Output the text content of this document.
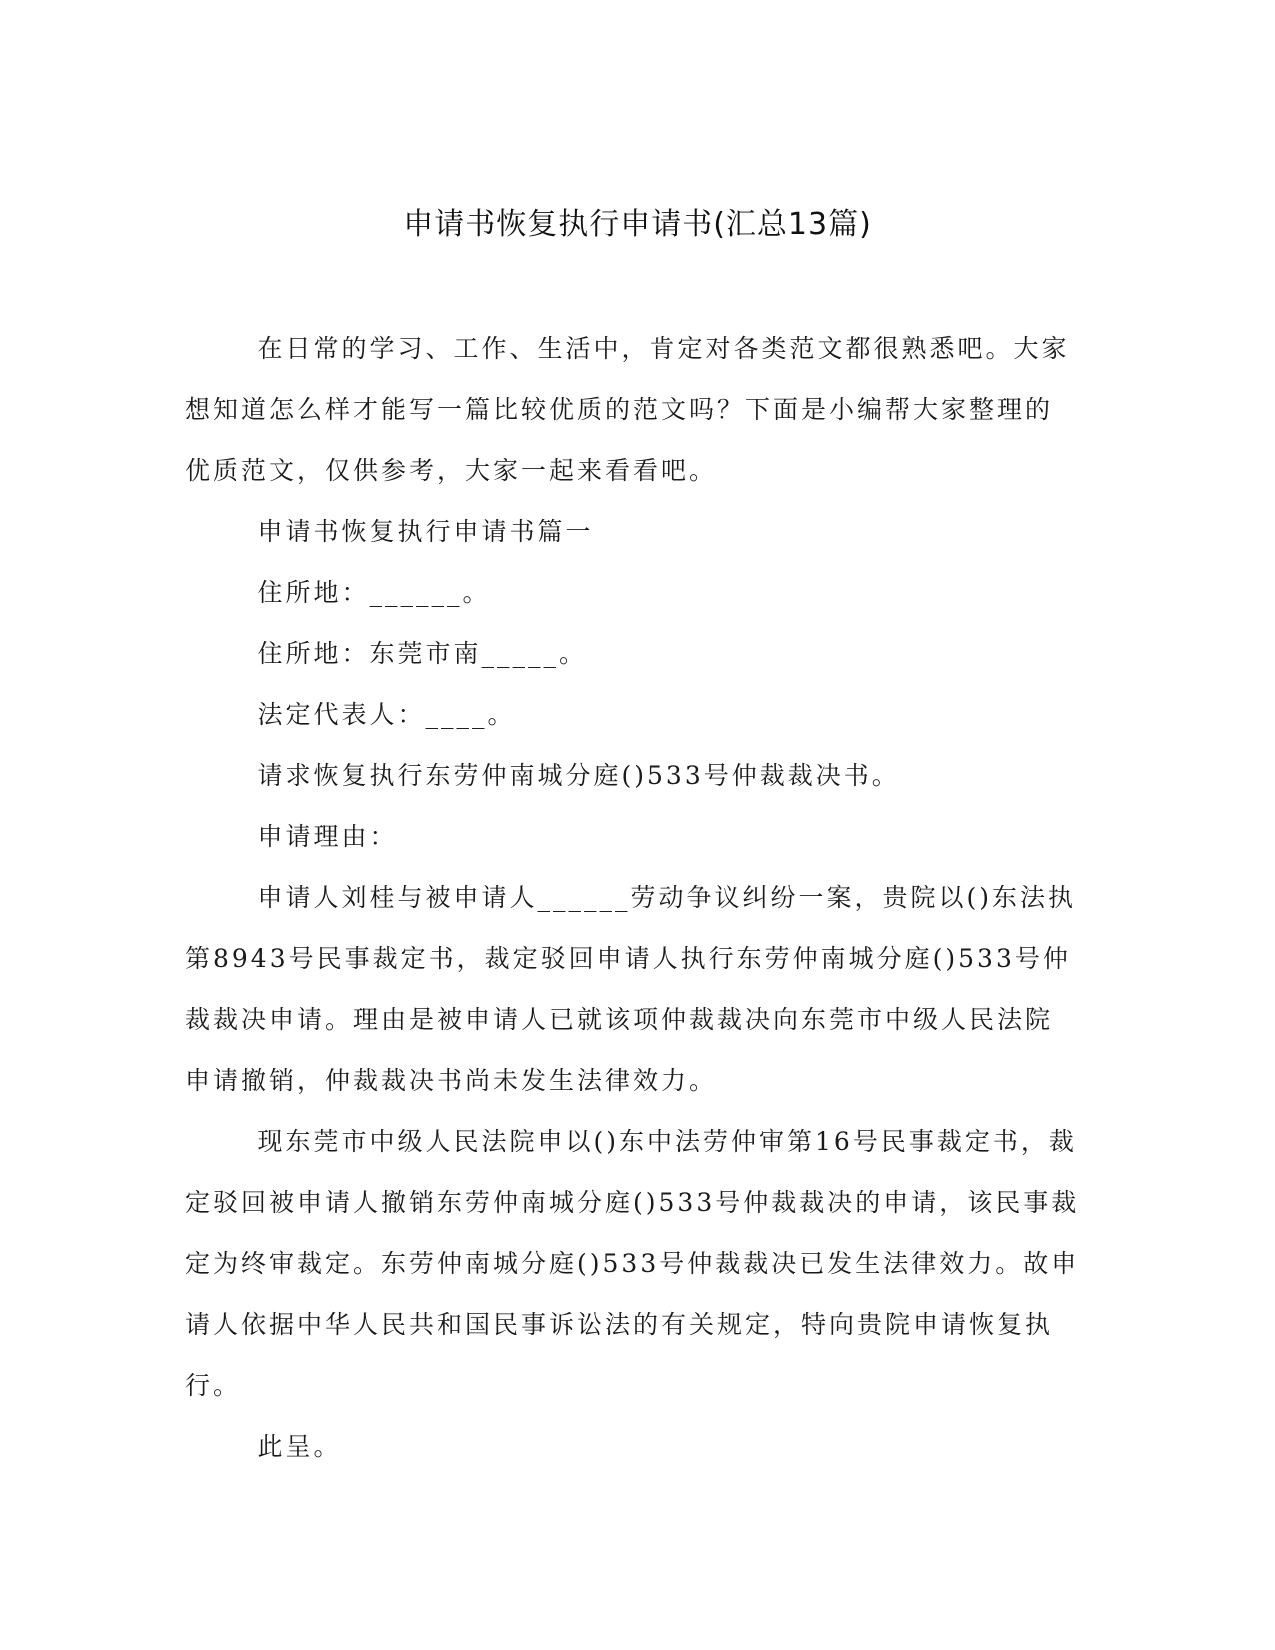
申请书恢复执行申请书(汇总13篇)

在日常的学习、工作、生活中，肯定对各类范文都很熟悉吧。大家想知道怎么样才能写一篇比较优质的范文吗？下面是小编帮大家整理的优质范文，仅供参考，大家一起来看看吧。

申请书恢复执行申请书篇一

住所地：______。

住所地：东莞市南_____。

法定代表人：____。

请求恢复执行东劳仲南城分庭()533号仲裁裁决书。

申请理由：

申请人刘桂与被申请人______劳动争议纠纷一案，贵院以()东法执第8943号民事裁定书，裁定驳回申请人执行东劳仲南城分庭()533号仲裁裁决申请。理由是被申请人已就该项仲裁裁决向东莞市中级人民法院申请撤销，仲裁裁决书尚未发生法律效力。

现东莞市中级人民法院申以()东中法劳仲审第16号民事裁定书，裁定驳回被申请人撤销东劳仲南城分庭()533号仲裁裁决的申请，该民事裁定为终审裁定。东劳仲南城分庭()533号仲裁裁决已发生法律效力。故申请人依据中华人民共和国民事诉讼法的有关规定，特向贵院申请恢复执行。

此呈。
